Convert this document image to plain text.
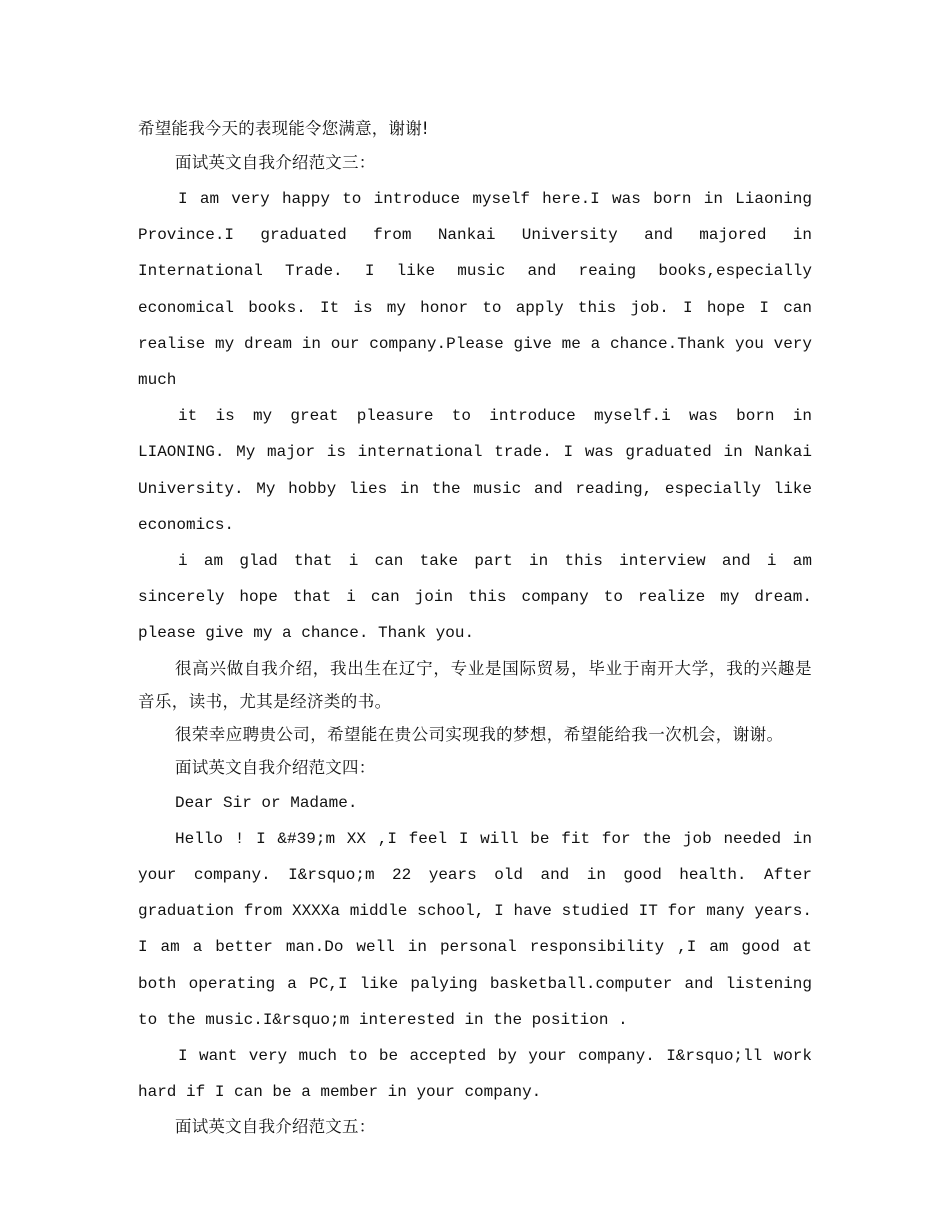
希望能我今天的表现能令您满意，谢谢!

面试英文自我介绍范文三：

I am very happy to introduce myself here.I was born in Liaoning Province.I graduated from Nankai University and majored in International Trade. I like music and reaing books,especially economical books. It is my honor to apply this job. I hope I can realise my dream in our company.Please give me a chance.Thank you very much

it is my great pleasure to introduce myself.i was born in LIAONING. My major is international trade. I was graduated in Nankai University. My hobby lies in the music and reading, especially like economics.

i am glad that i can take part in this interview and i am sincerely hope that i can join this company to realize my dream. please give my a chance. Thank you.

很高兴做自我介绍，我出生在辽宁，专业是国际贸易，毕业于南开大学，我的兴趣是音乐，读书，尤其是经济类的书。

很荣幸应聘贵公司，希望能在贵公司实现我的梦想，希望能给我一次机会，谢谢。

面试英文自我介绍范文四：

Dear Sir or Madame.

Hello ! I &#39;m XX ,I feel I will be fit for the job needed in your company. I&rsquo;m 22 years old and in good health. After graduation from XXXXa middle school, I have studied IT for many years. I am a better man.Do well in personal responsibility ,I am good at both operating a PC,I like palying basketball.computer and listening to the music.I&rsquo;m interested in the position .

I want very much to be accepted by your company. I&rsquo;ll work hard if I can be a member in your company.

面试英文自我介绍范文五：
